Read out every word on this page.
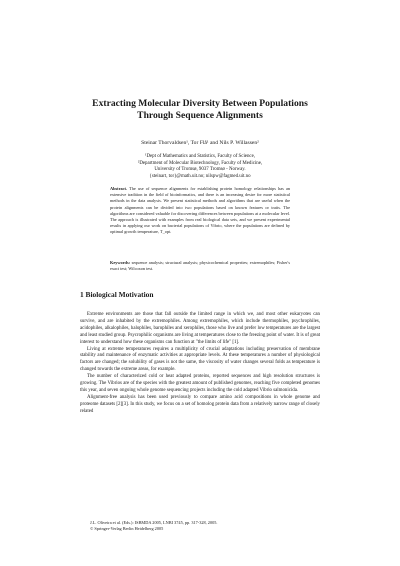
Extracting Molecular Diversity Between Populations
Through Sequence Alignments
Steinar Thorvaldsen¹, Tor Flå¹ and Nils P. Willassen²
¹Dept of Mathematics and Statistics, Faculty of Science,
²Department of Molecular Biotechnology, Faculty of Medicine,
University of Tromsø, 9037 Tromsø - Norway.
{steinart, tor}@math.uit.no; nilspw@fagmed.uit.no

Abstract. The use of sequence alignments for establishing protein homology relationships has an extensive tradition in the field of bioinformatics, and there is an increasing desire for more statistical methods in the data analysis. We present statistical methods and algorithms that are useful when the protein alignments can be divided into two populations based on known features or traits. The algorithms are considered valuable for discovering differences between populations at a molecular level. The approach is illustrated with examples from real biological data sets, and we present experimental results in applying our work on bacterial populations of Vibrio, where the populations are defined by optimal growth temperature, T_opt.

Keywords: sequence analysis; structural analysis; physicochemical properties; extremophiles; Fisher's exact test; Wilcoxon test.

1 Biological Motivation

Extreme environments are those that fall outside the limited range in which we, and most other eukaryotes can survive, and are inhabited by the extremophiles. Among extremophiles, which include thermophiles, psychrophiles, acidophiles, alkalophiles, halophiles, barophiles and xerophiles, those who live and prefer low temperatures are the largest and least studied group. Psycrophilic organisms are living at temperatures close to the freezing point of water. It is of great interest to understand how these organisms can function at "the limits of life" [1].

Living at extreme temperatures requires a multiplicity of crucial adaptations including preservation of membrane stability and maintenance of enzymatic activities at appropriate levels. At these temperatures a number of physiological factors are changed; the solubility of gases is not the same, the viscosity of water changes several folds as temperature is changed towards the extreme areas, for example.

The number of characterized cold or heat adapted proteins, reported sequences and high resolution structures is growing. The Vibrios are of the species with the greatest amount of published genomes, reaching five completed genomes this year, and seven ongoing whole genome sequencing projects including the cold adapted Vibrio salmonicida.

Alignment-free analysis has been used previously to compare amino acid compositions in whole genome and proteome datasets [2][3]. In this study, we focus on a set of homolog protein data from a relatively narrow range of closely related

J.L. Oliveira et al. (Eds.): ISBMDA 2005, LNBI 3745, pp. 317-328, 2005.
© Springer-Verlag Berlin Heidelberg 2005
